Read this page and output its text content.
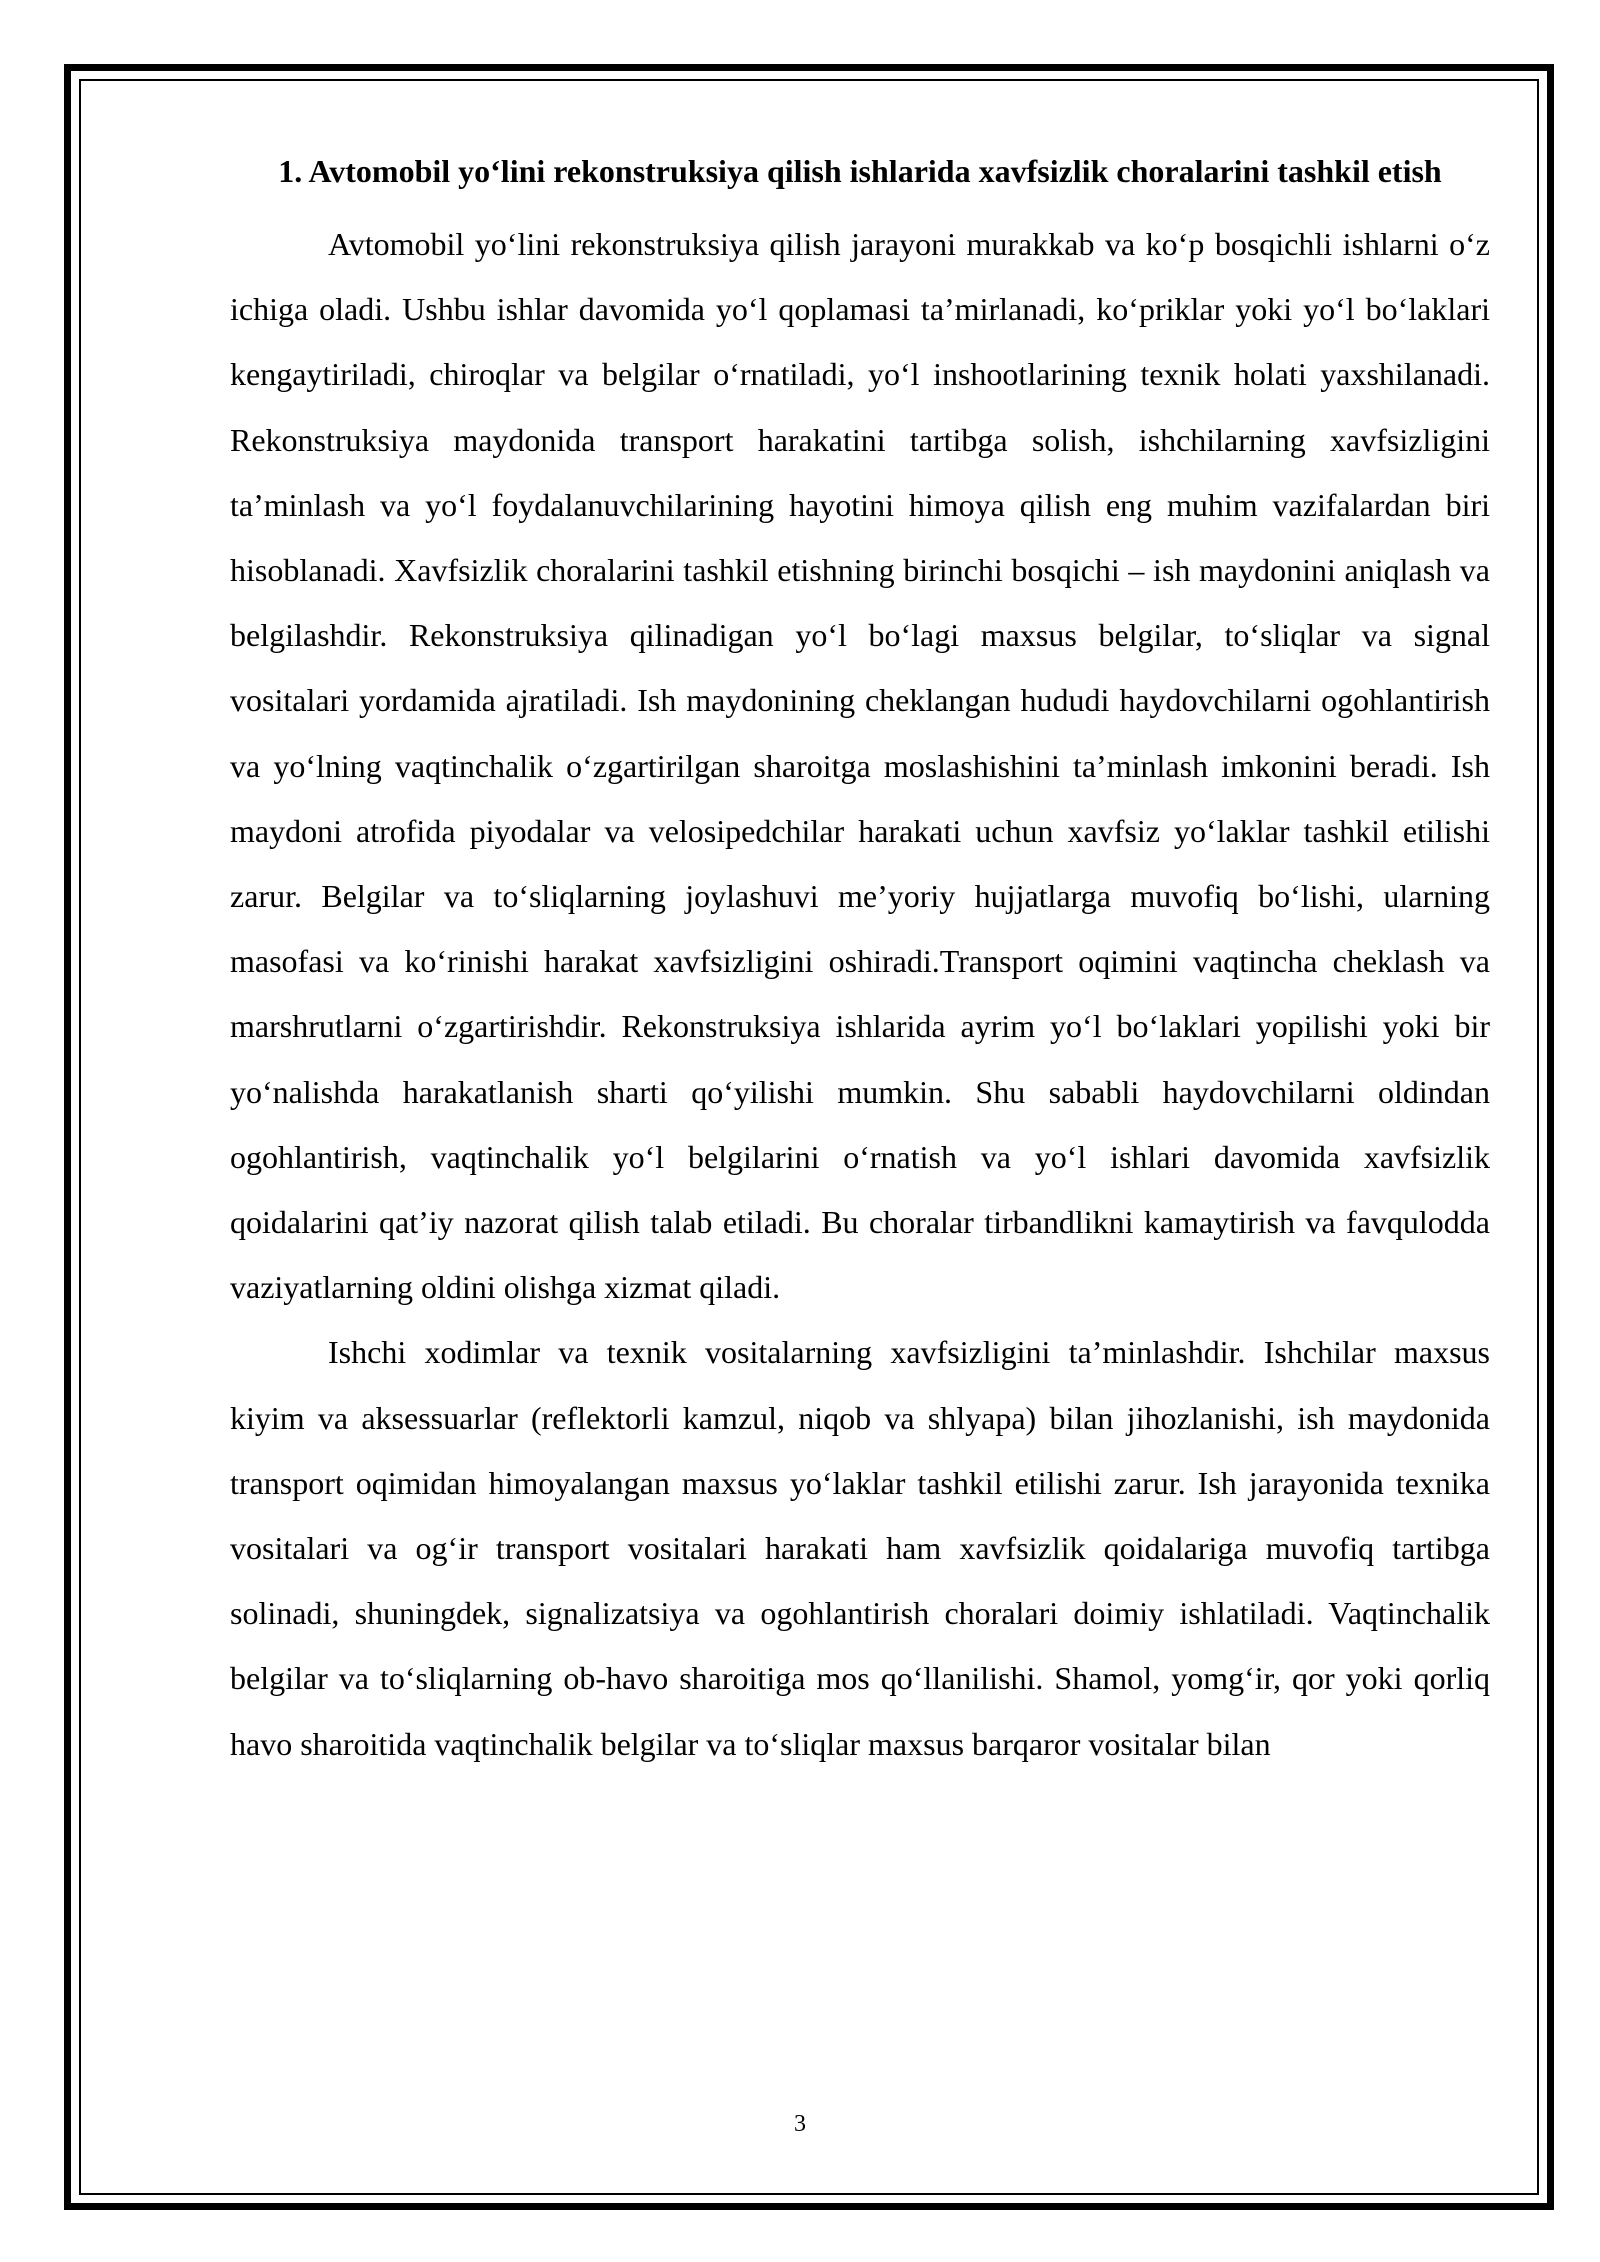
1. Avtomobil yo‘lini rekonstruksiya qilish ishlarida xavfsizlik choralarini tashkil etish

Avtomobil yo‘lini rekonstruksiya qilish jarayoni murakkab va ko‘p bosqichli ishlarni o‘z ichiga oladi. Ushbu ishlar davomida yo‘l qoplamasi ta’mirlanadi, ko‘priklar yoki yo‘l bo‘laklari kengaytiriladi, chiroqlar va belgilar o‘rnatiladi, yo‘l inshootlarining texnik holati yaxshilanadi. Rekonstruksiya maydonida transport harakatini tartibga solish, ishchilarning xavfsizligini ta’minlash va yo‘l foydalanuvchilarining hayotini himoya qilish eng muhim vazifalardan biri hisoblanadi. Xavfsizlik choralarini tashkil etishning birinchi bosqichi – ish maydonini aniqlash va belgilashdir. Rekonstruksiya qilinadigan yo‘l bo‘lagi maxsus belgilar, to‘sliqlar va signal vositalari yordamida ajratiladi. Ish maydonining cheklangan hududi haydovchilarni ogohlantirish va yo‘lning vaqtinchalik o‘zgartirilgan sharoitga moslashishini ta’minlash imkonini beradi. Ish maydoni atrofida piyodalar va velosipedchilar harakati uchun xavfsiz yo‘laklar tashkil etilishi zarur. Belgilar va to‘sliqlarning joylashuvi me’yoriy hujjatlarga muvofiq bo‘lishi, ularning masofasi va ko‘rinishi harakat xavfsizligini oshiradi.Transport oqimini vaqtincha cheklash va marshrutlarni o‘zgartirishdir. Rekonstruksiya ishlarida ayrim yo‘l bo‘laklari yopilishi yoki bir yo‘nalishda harakatlanish sharti qo‘yilishi mumkin. Shu sababli haydovchilarni oldindan ogohlantirish, vaqtinchalik yo‘l belgilarini o‘rnatish va yo‘l ishlari davomida xavfsizlik qoidalarini qat’iy nazorat qilish talab etiladi. Bu choralar tirbandlikni kamaytirish va favqulodda vaziyatlarning oldini olishga xizmat qiladi.

Ishchi xodimlar va texnik vositalarning xavfsizligini ta’minlashdir. Ishchilar maxsus kiyim va aksessuarlar (reflektorli kamzul, niqob va shlyapa) bilan jihozlanishi, ish maydonida transport oqimidan himoyalangan maxsus yo‘laklar tashkil etilishi zarur. Ish jarayonida texnika vositalari va og‘ir transport vositalari harakati ham xavfsizlik qoidalariga muvofiq tartibga solinadi, shuningdek, signalizatsiya va ogohlantirish choralari doimiy ishlatiladi. Vaqtinchalik belgilar va to‘sliqlarning ob-havo sharoitiga mos qo‘llanilishi. Shamol, yomg‘ir, qor yoki qorliq havo sharoitida vaqtinchalik belgilar va to‘sliqlar maxsus barqaror vositalar bilan

3
